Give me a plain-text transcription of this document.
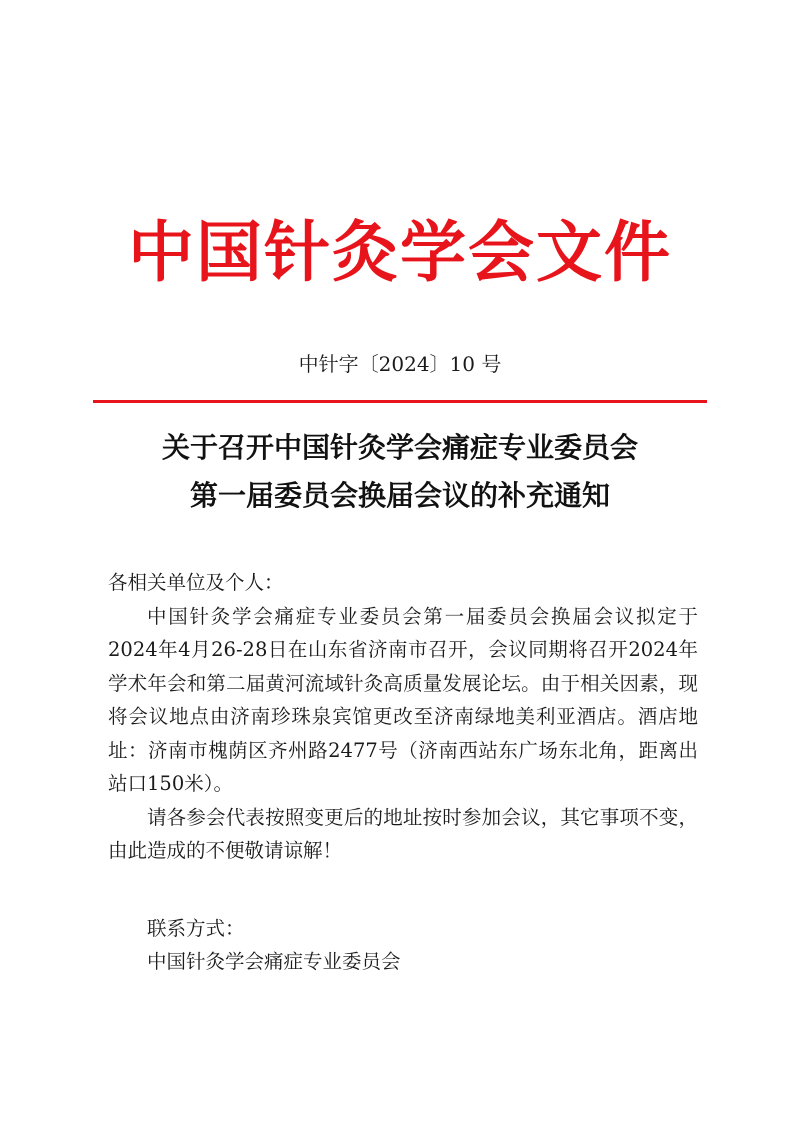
中国针灸学会文件
中针字〔2024〕10 号
关于召开中国针灸学会痛症专业委员会
第一届委员会换届会议的补充通知

各相关单位及个人：

中国针灸学会痛症专业委员会第一届委员会换届会议拟定于2024年4月26-28日在山东省济南市召开，会议同期将召开2024年学术年会和第二届黄河流域针灸高质量发展论坛。由于相关因素，现将会议地点由济南珍珠泉宾馆更改至济南绿地美利亚酒店。酒店地址：济南市槐荫区齐州路2477号（济南西站东广场东北角，距离出站口150米）。

请各参会代表按照变更后的地址按时参加会议，其它事项不变，由此造成的不便敬请谅解！

联系方式：

中国针灸学会痛症专业委员会
